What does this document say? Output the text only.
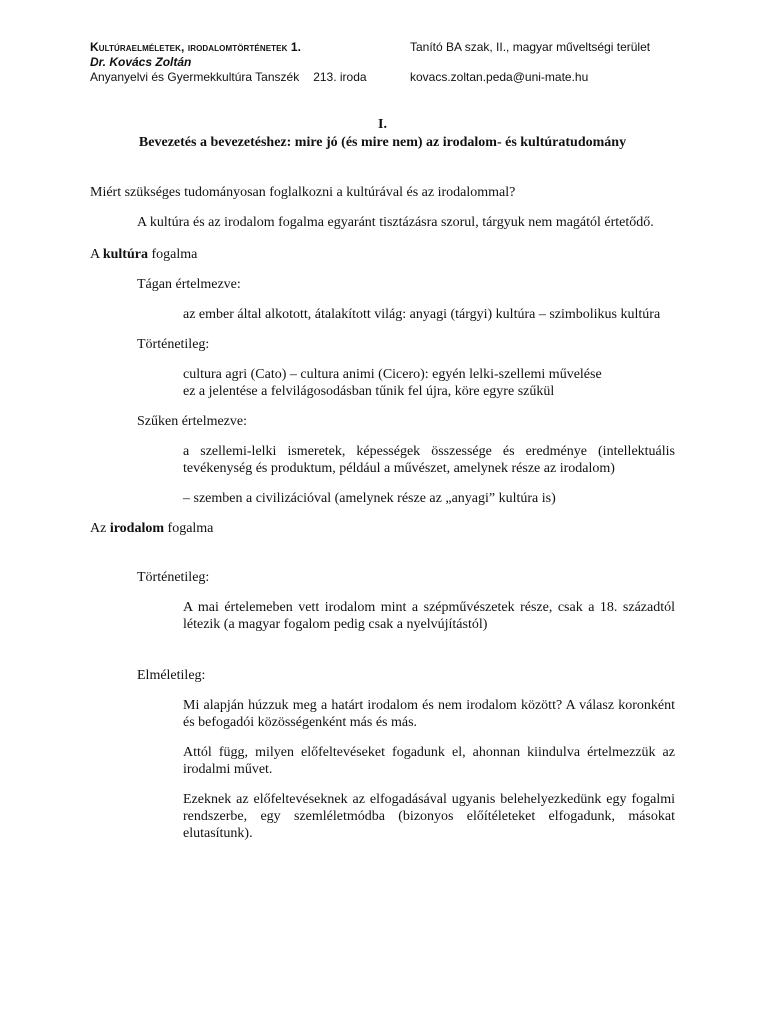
Kultúraelméletek, irodalomtörténetek 1.	Tanító BA szak, II., magyar műveltségi terület
Dr. Kovács Zoltán
Anyanyelvi és Gyermekkultúra Tanszék 213. iroda	kovacs.zoltan.peda@uni-mate.hu
I.
Bevezetés a bevezetéshez: mire jó (és mire nem) az irodalom- és kultúratudomány

Miért szükséges tudományosan foglalkozni a kultúrával és az irodalommal?

A kultúra és az irodalom fogalma egyaránt tisztázásra szorul, tárgyuk nem magától értetődő.

A kultúra fogalma

Tágan értelmezve:

az ember által alkotott, átalakított világ: anyagi (tárgyi) kultúra – szimbolikus kultúra

Történetileg:

cultura agri (Cato) – cultura animi (Cicero): egyén lelki-szellemi művelése

ez a jelentése a felvilágosodásban tűnik fel újra, köre egyre szűkül

Szűken értelmezve:

a szellemi-lelki ismeretek, képességek összessége és eredménye (intellektuális tevékenység és produktum, például a művészet, amelynek része az irodalom)

– szemben a civilizációval (amelynek része az „anyagi” kultúra is)

Az irodalom fogalma

Történetileg:

A mai értelemeben vett irodalom mint a szépművészetek része, csak a 18. századtól létezik (a magyar fogalom pedig csak a nyelvújítástól)

Elméletileg:

Mi alapján húzzuk meg a határt irodalom és nem irodalom között? A válasz koronként és befogadói közösségenként más és más.

Attól függ, milyen előfeltevéseket fogadunk el, ahonnan kiindulva értelmezzük az irodalmi művet.

Ezeknek az előfeltevéseknek az elfogadásával ugyanis belehelyezkedünk egy fogalmi rendszerbe, egy szemléletmódba (bizonyos előítéleteket elfogadunk, másokat elutasítunk).
